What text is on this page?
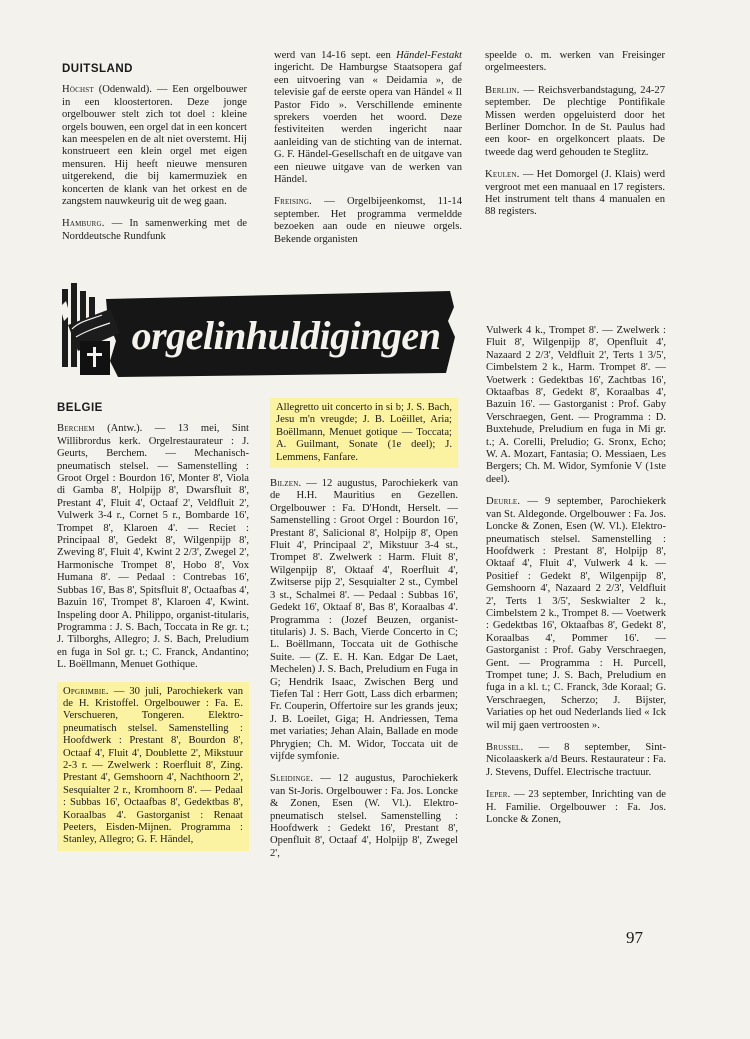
DUITSLAND

Höchst (Odenwald). — Een orgelbouwer in een kloostertoren. Deze jonge orgelbouwer stelt zich tot doel : kleine orgels bouwen, een orgel dat in een koncert kan meespelen en de alt niet overstemt. Hij konstrueert een klein orgel met eigen mensuren. Hij heeft nieuwe mensuren uitgerekend, die bij kamermuziek en koncerten de klank van het orkest en de zangstem nauwkeurig uit de weg gaan.

Hamburg. — In samenwerking met de Norddeutsche Rundfunk

werd van 14-16 sept. een Händel-Festakt ingericht. De Hamburgse Staatsopera gaf een uitvoering van « Deidamia », de televisie gaf de eerste opera van Händel « Il Pastor Fido ». Verschillende eminente sprekers voerden het woord. Deze festiviteiten werden ingericht naar aanleiding van de stichting van de internat. G. F. Händel-Gesellschaft en de uitgave van een nieuwe uitgave van de werken van Händel.

Freising. — Orgelbijeenkomst, 11-14 september. Het programma vermeldde bezoeken aan oude en nieuwe orgels. Bekende organisten

speelde o. m. werken van Freisinger orgelmeesters.

Berlijn. — Reichsverbandstagung, 24-27 september. De plechtige Pontifikale Missen werden opgeluisterd door het Berliner Domchor. In de St. Paulus had een koor- en orgelkoncert plaats. De tweede dag werd gehouden te Steglitz.

Keulen. — Het Domorgel (J. Klais) werd vergroot met een manuaal en 17 registers. Het instrument telt thans 4 manualen en 88 registers.

orgelinhuldigingen
BELGIE

Berchem (Antw.). — 13 mei, Sint Willibrordus kerk. Orgelrestaurateur : J. Geurts, Berchem. — Mechanisch-pneumatisch stelsel. — Samenstelling : Groot Orgel : Bourdon 16', Monter 8', Viola di Gamba 8', Holpijp 8', Dwarsfluit 8', Prestant 4', Fluit 4', Octaaf 2', Veldfluit 2', Vulwerk 3-4 r., Cornet 5 r., Bombarde 16', Trompet 8', Klaroen 4'. — Reciet : Principaal 8', Gedekt 8', Wilgenpijp 8', Zweving 8', Fluit 4', Kwint 2 2/3', Zwegel 2', Harmonische Trompet 8', Hobo 8', Vox Humana 8'. — Pedaal : Contrebas 16', Subbas 16', Bas 8', Spitsfluit 8', Octaafbas 4', Bazuin 16', Trompet 8', Klaroen 4', Kwint. Inspeling door A. Philippo, organist-titularis, Programma : J. S. Bach, Toccata in Re gr. t.; J. Tilborghs, Allegro; J. S. Bach, Preludium en fuga in Sol gr. t.; C. Franck, Andantino; L. Boëllmann, Menuet Gothique.

Opgrimbie. — 30 juli, Parochiekerk van de H. Kristoffel. Orgelbouwer : Fa. E. Verschueren, Tongeren. Elektro-pneumatisch stelsel. Samenstelling : Hoofdwerk : Prestant 8', Bourdon 8', Octaaf 4', Fluit 4', Doublette 2', Mikstuur 2-3 r. — Zwelwerk : Roerfluit 8', Zing. Prestant 4', Gemshoorn 4', Nachthoorn 2', Sesquialter 2 r., Kromhoorn 8'. — Pedaal : Subbas 16', Octaafbas 8', Gedektbas 8', Koraalbas 4'. Gastorganist : Renaat Peeters, Eisden-Mijnen. Programma : Stanley, Allegro; G. F. Händel,

Allegretto uit concerto in si b; J. S. Bach, Jesu m'n vreugde; J. B. Loëillet, Aria; Boëllmann, Menuet gotique — Toccata; A. Guilmant, Sonate (1e deel); J. Lemmens, Fanfare.

Bilzen. — 12 augustus, Parochiekerk van de H.H. Mauritius en Gezellen. Orgelbouwer : Fa. D'Hondt, Herselt. — Samenstelling : Groot Orgel : Bourdon 16', Prestant 8', Salicional 8', Holpijp 8', Open Fluit 4', Principaal 2', Mikstuur 3-4 st., Trompet 8'. Zwelwerk : Harm. Fluit 8', Wilgenpijp 8', Oktaaf 4', Roerfluit 4', Zwitserse pijp 2', Sesquialter 2 st., Cymbel 3 st., Schalmei 8'. — Pedaal : Subbas 16', Gedekt 16', Oktaaf 8', Bas 8', Koraalbas 4'. Programma : (Jozef Beuzen, organist-titularis) J. S. Bach, Vierde Concerto in C; L. Boëllmann, Toccata uit de Gothische Suite. — (Z. E. H. Kan. Edgar De Laet, Mechelen) J. S. Bach, Preludium en Fuga in G; Hendrik Isaac, Zwischen Berg und Tiefen Tal : Herr Gott, Lass dich erbarmen; Fr. Couperin, Offertoire sur les grands jeux; J. B. Loeilet, Giga; H. Andriessen, Tema met variaties; Jehan Alain, Ballade en mode Phrygien; Ch. M. Widor, Toccata uit de vijfde symfonie.

Sleidinge. — 12 augustus, Parochiekerk van St-Joris. Orgelbouwer : Fa. Jos. Loncke & Zonen, Esen (W. Vl.). Elektro-pneumatisch stelsel. Samenstelling : Hoofdwerk : Gedekt 16', Prestant 8', Openfluit 8', Octaaf 4', Holpijp 8', Zwegel 2',

Vulwerk 4 k., Trompet 8'. — Zwelwerk : Fluit 8', Wilgenpijp 8', Openfluit 4', Nazaard 2 2/3', Veldfluit 2', Terts 1 3/5', Cimbelstem 2 k., Harm. Trompet 8'. — Voetwerk : Gedektbas 16', Zachtbas 16', Oktaafbas 8', Gedekt 8', Koraalbas 4', Bazuin 16'. — Gastorganist : Prof. Gaby Verschraegen, Gent. — Programma : D. Buxtehude, Preludium en fuga in Mi gr. t.; A. Corelli, Preludio; G. Sronx, Echo; W. A. Mozart, Fantasia; O. Messiaen, Les Bergers; Ch. M. Widor, Symfonie V (1ste deel).

Deurle. — 9 september, Parochiekerk van St. Aldegonde. Orgelbouwer : Fa. Jos. Loncke & Zonen, Esen (W. Vl.). Elektro-pneumatisch stelsel. Samenstelling : Hoofdwerk : Prestant 8', Holpijp 8', Oktaaf 4', Fluit 4', Vulwerk 4 k. — Positief : Gedekt 8', Wilgenpijp 8', Gemshoorn 4', Nazaard 2 2/3', Veldfluit 2', Terts 1 3/5', Seskwialter 2 k., Cimbelstem 2 k., Trompet 8. — Voetwerk : Gedektbas 16', Oktaafbas 8', Gedekt 8', Koraalbas 4', Pommer 16'. — Gastorganist : Prof. Gaby Verschraegen, Gent. — Programma : H. Purcell, Trompet tune; J. S. Bach, Preludium en fuga in a kl. t.; C. Franck, 3de Koraal; G. Verschraegen, Scherzo; J. Bijster, Variaties op het oud Nederlands lied « Ick wil mij gaen vertroosten ».

Brussel. — 8 september, Sint-Nicolaaskerk a/d Beurs. Restaurateur : Fa. J. Stevens, Duffel. Electrische tractuur.

Ieper. — 23 september, Inrichting van de H. Familie. Orgelbouwer : Fa. Jos. Loncke & Zonen,

97
